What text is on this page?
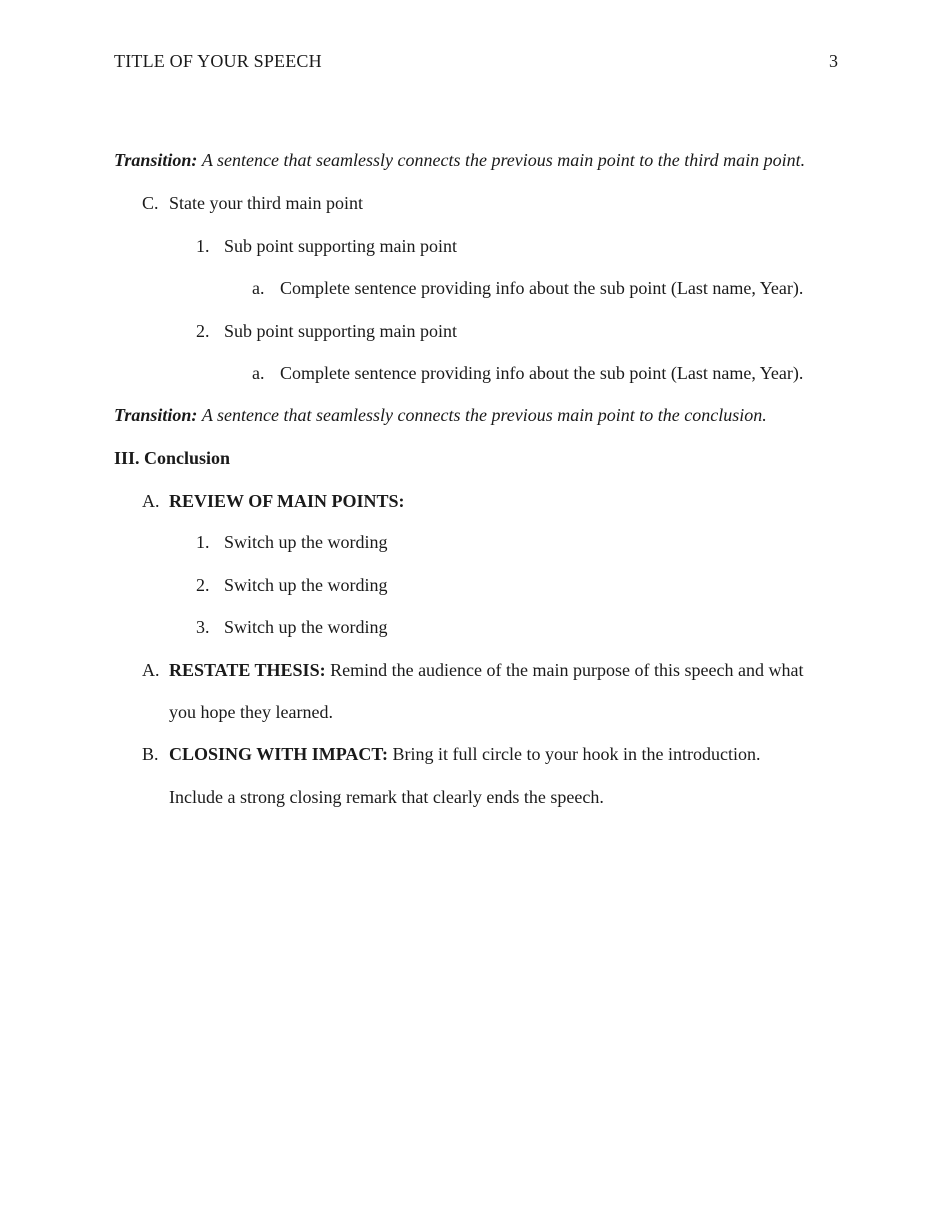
TITLE OF YOUR SPEECH	3
Transition: A sentence that seamlessly connects the previous main point to the third main point.
C. State your third main point
1. Sub point supporting main point
a. Complete sentence providing info about the sub point (Last name, Year).
2. Sub point supporting main point
a. Complete sentence providing info about the sub point (Last name, Year).
Transition: A sentence that seamlessly connects the previous main point to the conclusion.
III. Conclusion
A. REVIEW OF MAIN POINTS:
1. Switch up the wording
2. Switch up the wording
3. Switch up the wording
A. RESTATE THESIS: Remind the audience of the main purpose of this speech and what
you hope they learned.
B. CLOSING WITH IMPACT: Bring it full circle to your hook in the introduction.
Include a strong closing remark that clearly ends the speech.
